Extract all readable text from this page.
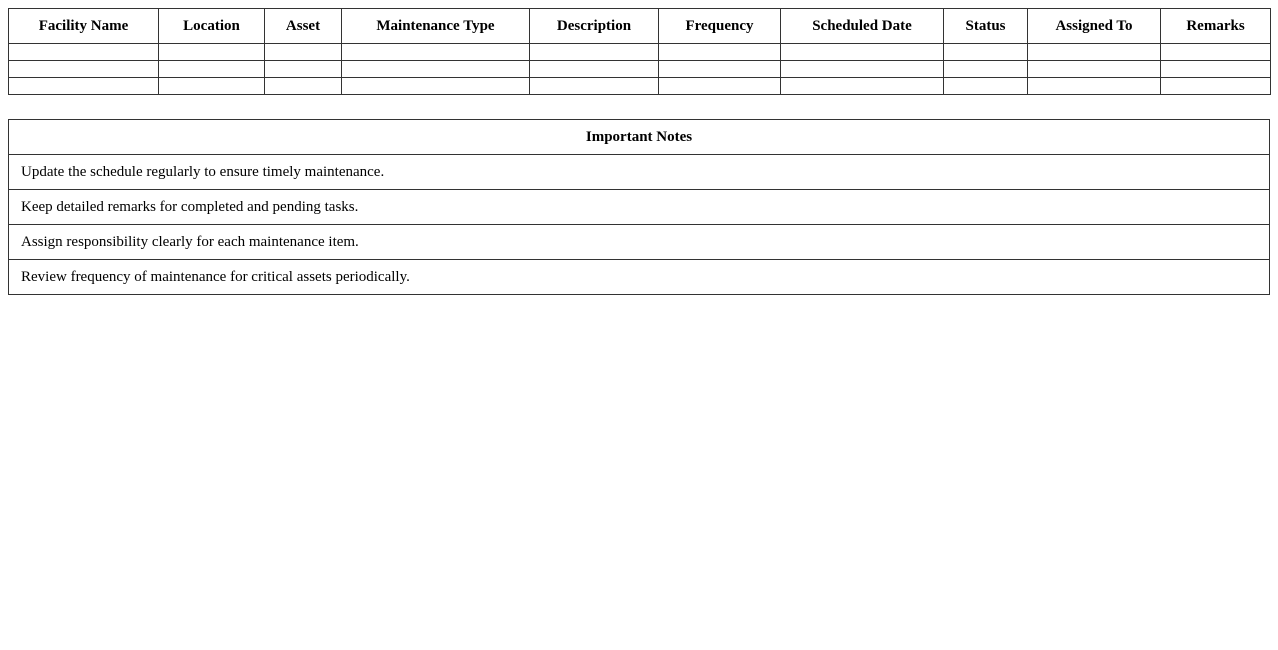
Facility Name	Location	Asset	Maintenance Type	Description	Frequency	Scheduled Date	Status	Assigned To	Remarks

Important Notes
Update the schedule regularly to ensure timely maintenance.
Keep detailed remarks for completed and pending tasks.
Assign responsibility clearly for each maintenance item.
Review frequency of maintenance for critical assets periodically.
